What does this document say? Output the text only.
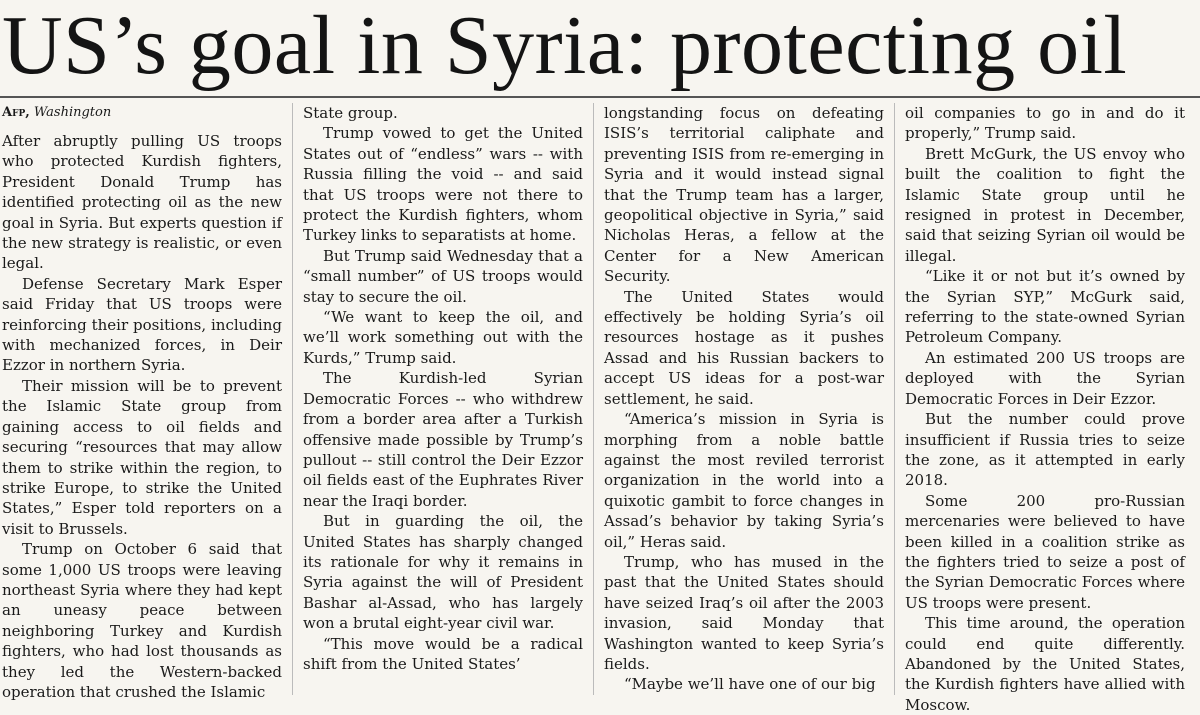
US’s goal in Syria: protecting oil
Afp, Washington

After abruptly pulling US troops who protected Kurdish fighters, President Donald Trump has identified protecting oil as the new goal in Syria. But experts question if the new strategy is realistic, or even legal.

Defense Secretary Mark Esper said Friday that US troops were reinforcing their positions, including with mechanized forces, in Deir Ezzor in northern Syria.

Their mission will be to prevent the Islamic State group from gaining access to oil fields and securing “resources that may allow them to strike within the region, to strike Europe, to strike the United States,” Esper told reporters on a visit to Brussels.

Trump on October 6 said that some 1,000 US troops were leaving northeast Syria where they had kept an uneasy peace between neighboring Turkey and Kurdish fighters, who had lost thousands as they led the Western-backed operation that crushed the Islamic

State group.

Trump vowed to get the United States out of “endless” wars -- with Russia filling the void -- and said that US troops were not there to protect the Kurdish fighters, whom Turkey links to separatists at home.

But Trump said Wednesday that a “small number” of US troops would stay to secure the oil.

“We want to keep the oil, and we’ll work something out with the Kurds,” Trump said.

The Kurdish-led Syrian Democratic Forces -- who withdrew from a border area after a Turkish offensive made possible by Trump’s pullout -- still control the Deir Ezzor oil fields east of the Euphrates River near the Iraqi border.

But in guarding the oil, the United States has sharply changed its rationale for why it remains in Syria against the will of President Bashar al-Assad, who has largely won a brutal eight-year civil war.

“This move would be a radical shift from the United States’

longstanding focus on defeating ISIS’s territorial caliphate and preventing ISIS from re-emerging in Syria and it would instead signal that the Trump team has a larger, geopolitical objective in Syria,” said Nicholas Heras, a fellow at the Center for a New American Security.

The United States would effectively be holding Syria’s oil resources hostage as it pushes Assad and his Russian backers to accept US ideas for a post-war settlement, he said.

“America’s mission in Syria is morphing from a noble battle against the most reviled terrorist organization in the world into a quixotic gambit to force changes in Assad’s behavior by taking Syria’s oil,” Heras said.

Trump, who has mused in the past that the United States should have seized Iraq’s oil after the 2003 invasion, said Monday that Washington wanted to keep Syria’s fields.

“Maybe we’ll have one of our big

oil companies to go in and do it properly,” Trump said.

Brett McGurk, the US envoy who built the coalition to fight the Islamic State group until he resigned in protest in December, said that seizing Syrian oil would be illegal.

“Like it or not but it’s owned by the Syrian SYP,” McGurk said, referring to the state-owned Syrian Petroleum Company.

An estimated 200 US troops are deployed with the Syrian Democratic Forces in Deir Ezzor.

But the number could prove insufficient if Russia tries to seize the zone, as it attempted in early 2018.

Some 200 pro-Russian mercenaries were believed to have been killed in a coalition strike as the fighters tried to seize a post of the Syrian Democratic Forces where US troops were present.

This time around, the operation could end quite differently. Abandoned by the United States, the Kurdish fighters have allied with Moscow.
